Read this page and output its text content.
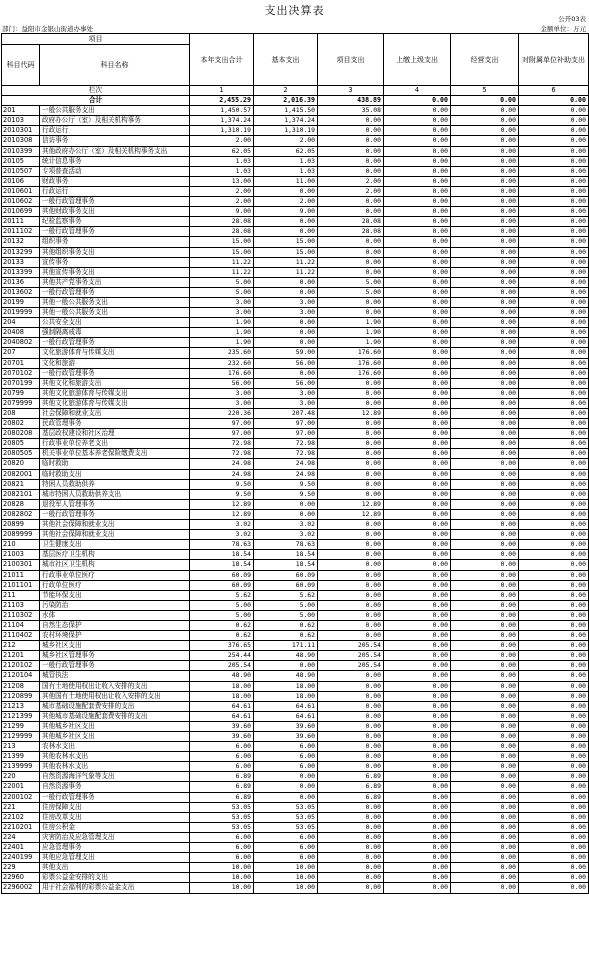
支出决算表
公开03表
部门：益阳市金银山街道办事处	金额单位：万元
项目		本年支出合计	基本支出	项目支出	上缴上级支出	经营支出	对附属单位补助支出
科目代码	科目名称						
栏次		1	2	3	4	5	6
合计		2,455.29	2,016.39	438.89	0.00	0.00	0.00
201	一般公共服务支出	1,450.57	1,415.50	35.08	0.00	0.00	0.00
20103	政府办公厅（室）及相关机构事务	1,374.24	1,374.24	0.00	0.00	0.00	0.00
2010301	行政运行	1,310.19	1,310.19	0.00	0.00	0.00	0.00
2010308	信访事务	2.00	2.00	0.00	0.00	0.00	0.00
2010399	其他政府办公厅（室）及相关机构事务支出	62.05	62.05	0.00	0.00	0.00	0.00
20105	统计信息事务	1.03	1.03	0.00	0.00	0.00	0.00
2010507	专项普查活动	1.03	1.03	0.00	0.00	0.00	0.00
20106	财政事务	13.00	11.00	2.00	0.00	0.00	0.00
2010601	行政运行	2.00	0.00	2.00	0.00	0.00	0.00
2010602	一般行政管理事务	2.00	2.00	0.00	0.00	0.00	0.00
2010699	其他财政事务支出	9.00	9.00	0.00	0.00	0.00	0.00
20111	纪检监察事务	28.08	0.00	28.08	0.00	0.00	0.00
2011102	一般行政管理事务	28.08	0.00	28.08	0.00	0.00	0.00
20132	组织事务	15.00	15.00	0.00	0.00	0.00	0.00
2013299	其他组织事务支出	15.00	15.00	0.00	0.00	0.00	0.00
20133	宣传事务	11.22	11.22	0.00	0.00	0.00	0.00
2013399	其他宣传事务支出	11.22	11.22	0.00	0.00	0.00	0.00
20136	其他共产党事务支出	5.00	0.00	5.00	0.00	0.00	0.00
2013602	一般行政管理事务	5.00	0.00	5.00	0.00	0.00	0.00
20199	其他一般公共服务支出	3.00	3.00	0.00	0.00	0.00	0.00
2019999	其他一般公共服务支出	3.00	3.00	0.00	0.00	0.00	0.00
204	公共安全支出	1.90	0.00	1.90	0.00	0.00	0.00
20408	强制隔离戒毒	1.90	0.00	1.90	0.00	0.00	0.00
2040802	一般行政管理事务	1.90	0.00	1.90	0.00	0.00	0.00
207	文化旅游体育与传媒支出	235.60	59.00	176.60	0.00	0.00	0.00
20701	文化和旅游	232.60	56.00	176.60	0.00	0.00	0.00
2070102	一般行政管理事务	176.60	0.00	176.60	0.00	0.00	0.00
2070199	其他文化和旅游支出	56.00	56.00	0.00	0.00	0.00	0.00
20799	其他文化旅游体育与传媒支出	3.00	3.00	0.00	0.00	0.00	0.00
2079999	其他文化旅游体育与传媒支出	3.00	3.00	0.00	0.00	0.00	0.00
208	社会保障和就业支出	220.36	207.48	12.89	0.00	0.00	0.00
20802	民政管理事务	97.00	97.00	0.00	0.00	0.00	0.00
2080208	基层政权建设和社区治理	97.00	97.00	0.00	0.00	0.00	0.00
20805	行政事业单位养老支出	72.98	72.98	0.00	0.00	0.00	0.00
2080505	机关事业单位基本养老保险缴费支出	72.98	72.98	0.00	0.00	0.00	0.00
20820	临时救助	24.98	24.98	0.00	0.00	0.00	0.00
2082001	临时救助支出	24.98	24.98	0.00	0.00	0.00	0.00
20821	特困人员救助供养	9.50	9.50	0.00	0.00	0.00	0.00
2082101	城市特困人员救助供养支出	9.50	9.50	0.00	0.00	0.00	0.00
20828	退役军人管理事务	12.89	0.00	12.89	0.00	0.00	0.00
2082802	一般行政管理事务	12.89	0.00	12.89	0.00	0.00	0.00
20899	其他社会保障和就业支出	3.02	3.02	0.00	0.00	0.00	0.00
2089999	其他社会保障和就业支出	3.02	3.02	0.00	0.00	0.00	0.00
210	卫生健康支出	78.63	78.63	0.00	0.00	0.00	0.00
21003	基层医疗卫生机构	18.54	18.54	0.00	0.00	0.00	0.00
2100301	城市社区卫生机构	18.54	18.54	0.00	0.00	0.00	0.00
21011	行政事业单位医疗	60.09	60.09	0.00	0.00	0.00	0.00
2101101	行政单位医疗	60.09	60.09	0.00	0.00	0.00	0.00
211	节能环保支出	5.62	5.62	0.00	0.00	0.00	0.00
21103	污染防治	5.00	5.00	0.00	0.00	0.00	0.00
2110302	水体	5.00	5.00	0.00	0.00	0.00	0.00
21104	自然生态保护	0.62	0.62	0.00	0.00	0.00	0.00
2110402	农村环境保护	0.62	0.62	0.00	0.00	0.00	0.00
212	城乡社区支出	376.65	171.11	205.54	0.00	0.00	0.00
21201	城乡社区管理事务	254.44	48.90	205.54	0.00	0.00	0.00
2120102	一般行政管理事务	205.54	0.00	205.54	0.00	0.00	0.00
2120104	城管执法	48.90	48.90	0.00	0.00	0.00	0.00
21208	国有土地使用权出让收入安排的支出	18.00	18.00	0.00	0.00	0.00	0.00
2120899	其他国有土地使用权出让收入安排的支出	18.00	18.00	0.00	0.00	0.00	0.00
21213	城市基础设施配套费安排的支出	64.61	64.61	0.00	0.00	0.00	0.00
2121399	其他城市基础设施配套费安排的支出	64.61	64.61	0.00	0.00	0.00	0.00
21299	其他城乡社区支出	39.60	39.60	0.00	0.00	0.00	0.00
2129999	其他城乡社区支出	39.60	39.60	0.00	0.00	0.00	0.00
213	农林水支出	6.00	6.00	0.00	0.00	0.00	0.00
21399	其他农林水支出	6.00	6.00	0.00	0.00	0.00	0.00
2139999	其他农林水支出	6.00	6.00	0.00	0.00	0.00	0.00
220	自然资源海洋气象等支出	6.89	0.00	6.89	0.00	0.00	0.00
22001	自然资源事务	6.89	0.00	6.89	0.00	0.00	0.00
2200102	一般行政管理事务	6.89	0.00	6.89	0.00	0.00	0.00
221	住房保障支出	53.05	53.05	0.00	0.00	0.00	0.00
22102	住房改革支出	53.05	53.05	0.00	0.00	0.00	0.00
2210201	住房公积金	53.05	53.05	0.00	0.00	0.00	0.00
224	灾害防治及应急管理支出	6.00	6.00	0.00	0.00	0.00	0.00
22401	应急管理事务	6.00	6.00	0.00	0.00	0.00	0.00
2240199	其他应急管理支出	6.00	6.00	0.00	0.00	0.00	0.00
229	其他支出	10.00	10.00	0.00	0.00	0.00	0.00
22960	彩票公益金安排的支出	10.00	10.00	0.00	0.00	0.00	0.00
2296002	用于社会福利的彩票公益金支出	10.00	10.00	0.00	0.00	0.00	0.00
